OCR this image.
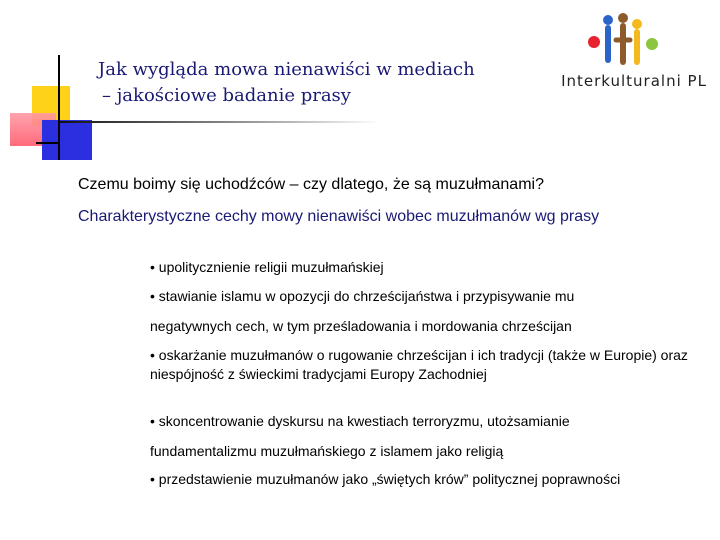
Jak wygląda mowa nienawiści w mediach
– jakościowe badanie prasy
Interkulturalni PL
Czemu boimy się uchodźców – czy dlatego, że są muzułmanami?
Charakterystyczne cechy mowy nienawiści wobec muzułmanów wg prasy

• upolitycznienie religii muzułmańskiej

• stawianie islamu w opozycji do chrześcijaństwa i przypisywanie mu

negatywnych cech, w tym prześladowania i mordowania chrześcijan

• oskarżanie muzułmanów o rugowanie chrześcijan i ich tradycji (także w Europie) oraz niespójność z świeckimi tradycjami Europy Zachodniej

• skoncentrowanie dyskursu na kwestiach terroryzmu, utożsamianie

fundamentalizmu muzułmańskiego z islamem jako religią

• przedstawienie muzułmanów jako „świętych krów” politycznej poprawności
